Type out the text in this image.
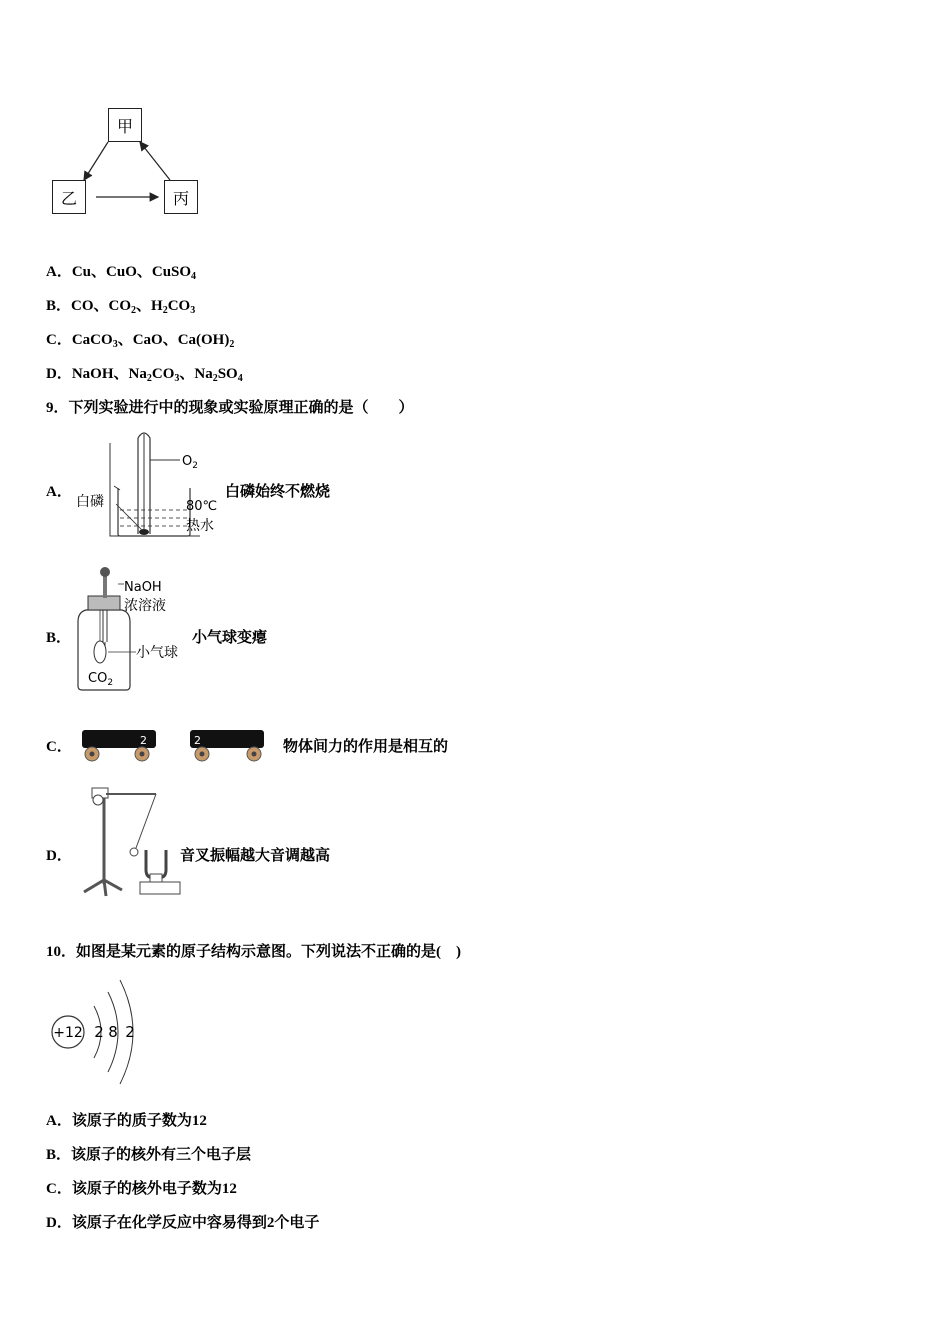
甲
乙	丙
A．Cu、CuO、CuSO$_4$
B．CO、$CO_2$、$H_2CO_3$
C．CaCO$_3$、CaO、$Ca(OH)_2$
D．NaOH、$Na_2CO_3$、$Na_2SO_4$
9．下列实验进行中的现象或实验原理正确的是（　　）
A．
$O_2$
白磷	80℃
热水
白磷始终不燃烧
B．
NaOH
浓溶液
小气球
$CO_2$
小气球变瘪
C．	2	2	物体间力的作用是相互的
D．	音叉振幅越大音调越高
10．如图是某元素的原子结构示意图。下列说法不正确的是(　)
+12 2 8 2
A．该原子的质子数为12
B．该原子的核外有三个电子层
C．该原子的核外电子数为12
D．该原子在化学反应中容易得到2个电子
